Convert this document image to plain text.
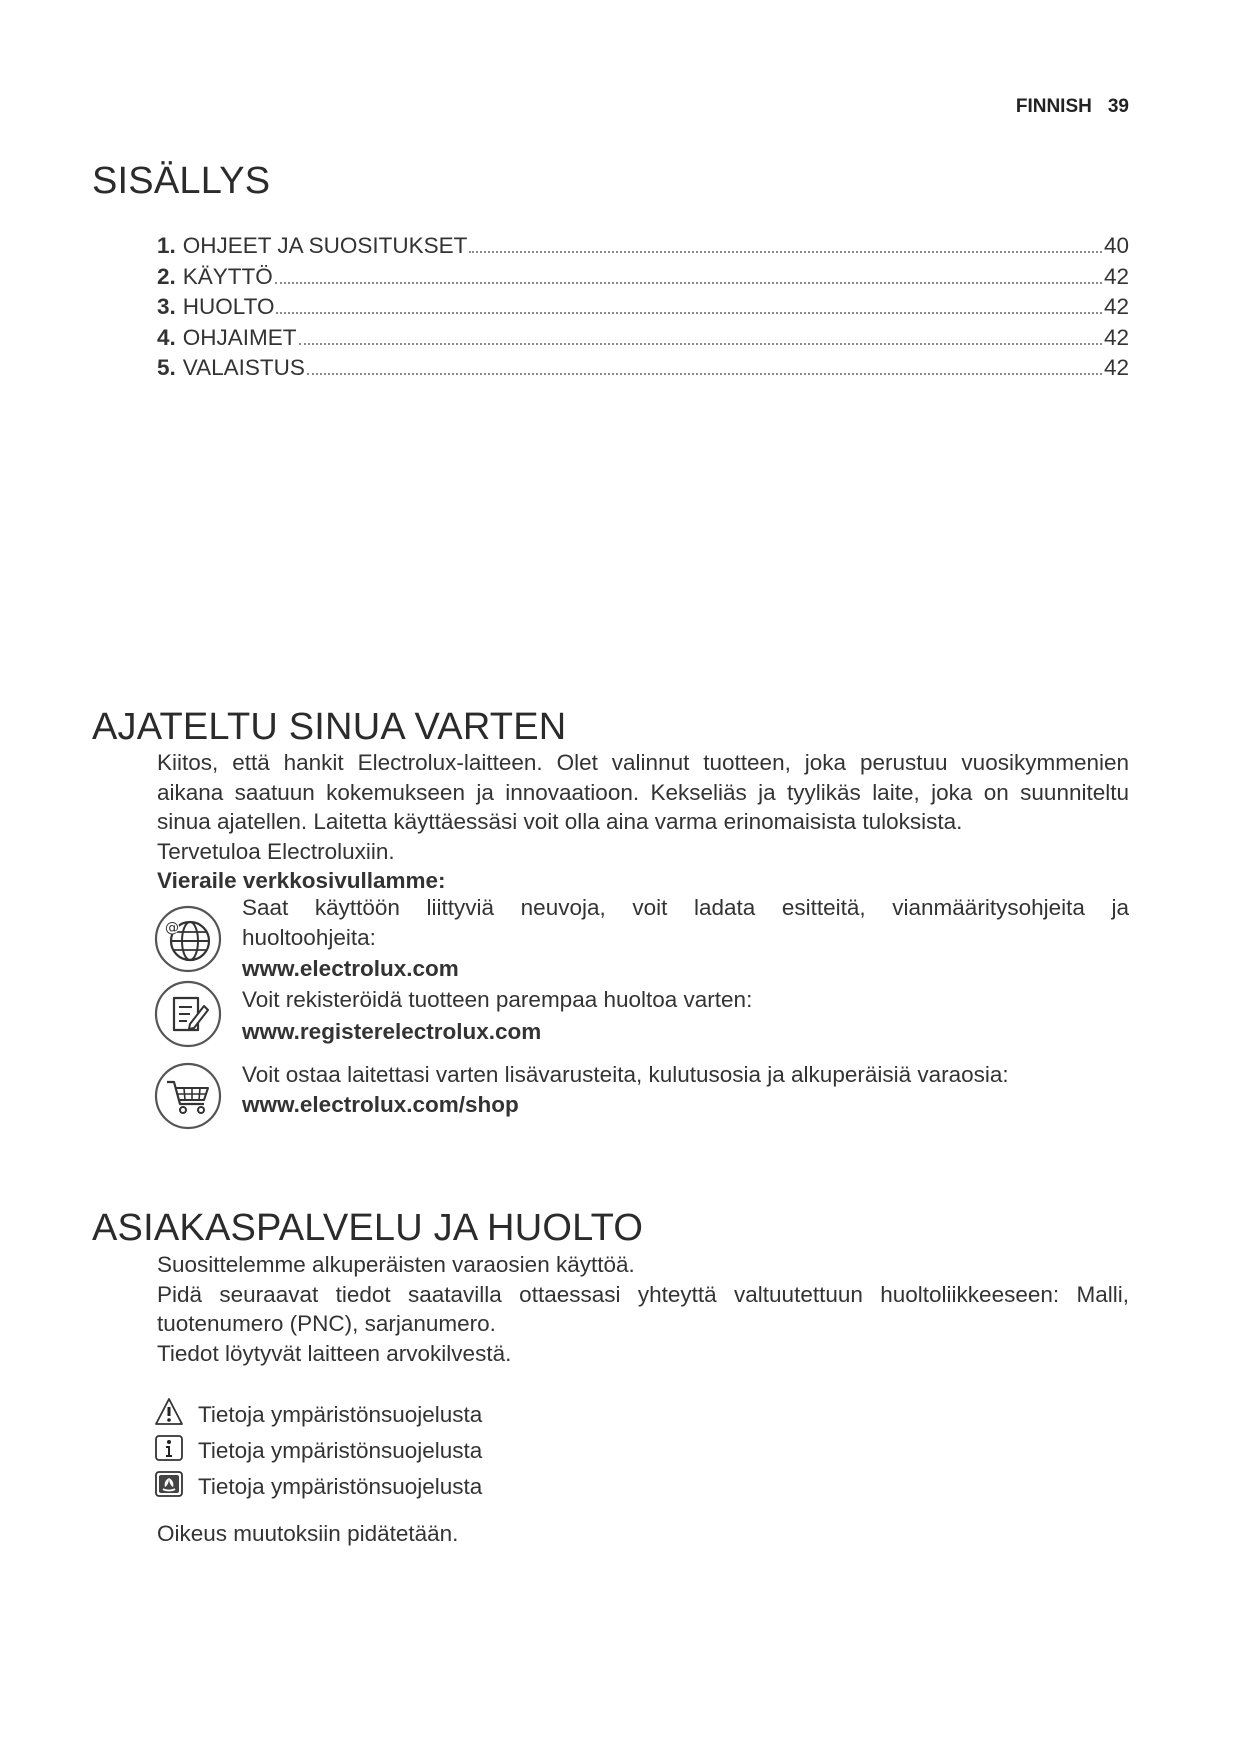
FINNISH 39
SISÄLLYS
1. OHJEET JA SUOSITUKSET	40
2. KÄYTTÖ	42
3. HUOLTO	42
4. OHJAIMET	42
5. VALAISTUS	42
AJATELTU SINUA VARTEN
Kiitos, että hankit Electrolux-laitteen. Olet valinnut tuotteen, joka perustuu vuosikymmenien
aikana saatuun kokemukseen ja innovaatioon. Kekseliäs ja tyylikäs laite, joka on suunniteltu
sinua ajatellen. Laitetta käyttäessäsi voit olla aina varma erinomaisista tuloksista.
Tervetuloa Electroluxiin.
Vieraile verkkosivullamme:
@
Saat käyttöön liittyviä neuvoja, voit ladata esitteitä, vianmääritysohjeita ja
huoltoohjeita:
www.electrolux.com
Voit rekisteröidä tuotteen parempaa huoltoa varten:
www.registerelectrolux.com
Voit ostaa laitettasi varten lisävarusteita, kulutusosia ja alkuperäisiä varaosia:
www.electrolux.com/shop
ASIAKASPALVELU JA HUOLTO
Suosittelemme alkuperäisten varaosien käyttöä.
Pidä seuraavat tiedot saatavilla ottaessasi yhteyttä valtuutettuun huoltoliikkeeseen: Malli,
tuotenumero (PNC), sarjanumero.
Tiedot löytyvät laitteen arvokilvestä.
Tietoja ympäristönsuojelusta
Tietoja ympäristönsuojelusta
Tietoja ympäristönsuojelusta
Oikeus muutoksiin pidätetään.
